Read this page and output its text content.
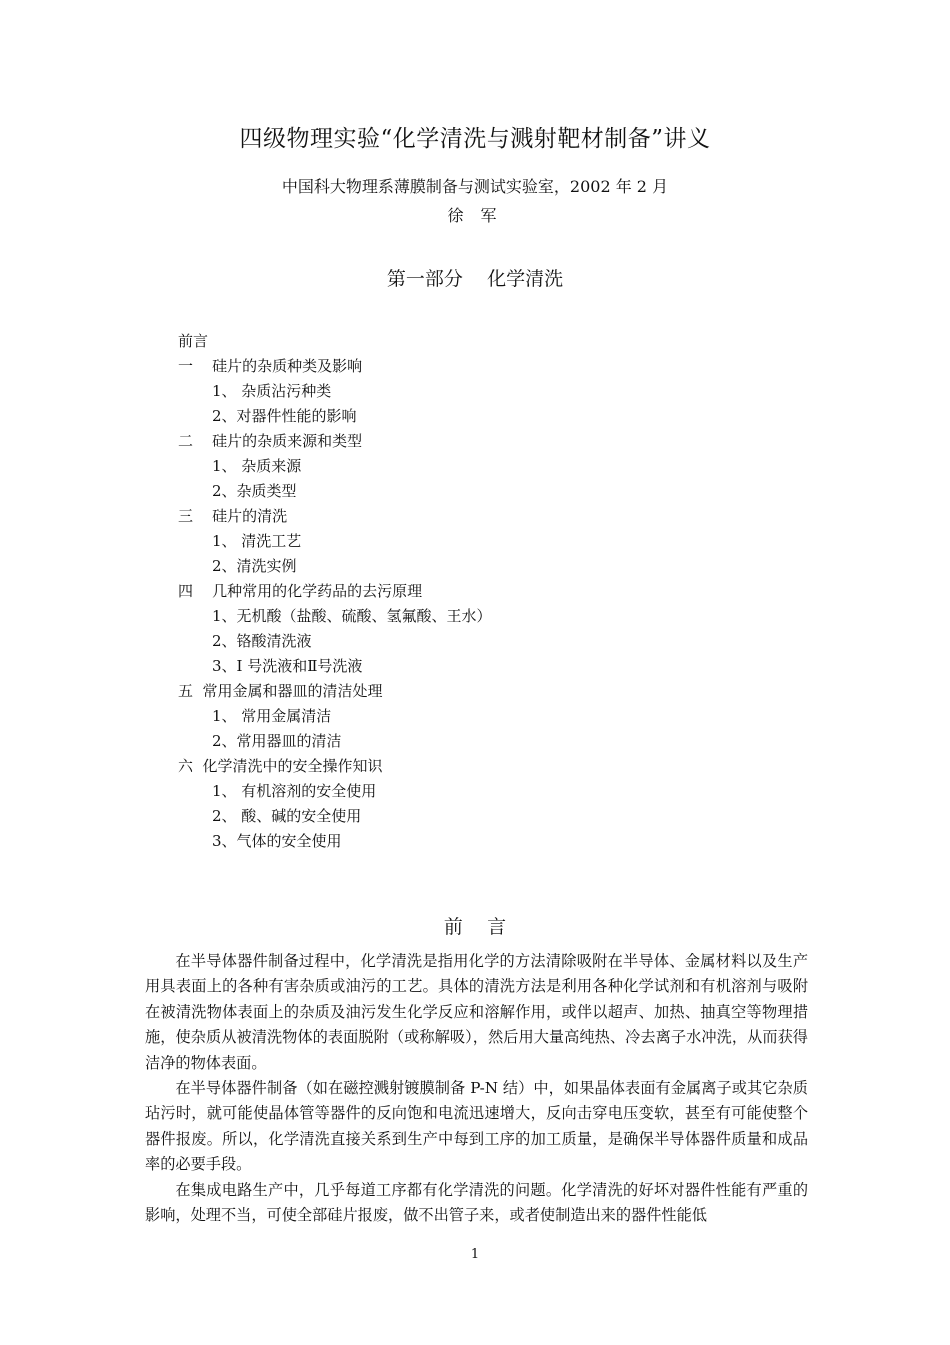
四级物理实验“化学清洗与溅射靶材制备”讲义
中国科大物理系薄膜制备与测试实验室，2002 年 2 月
徐 军
第一部分    化学清洗
前言
一    硅片的杂质种类及影响
1、 杂质沾污种类
2、对器件性能的影响
二    硅片的杂质来源和类型
1、 杂质来源
2、杂质类型
三    硅片的清洗
1、 清洗工艺
2、清洗实例
四    几种常用的化学药品的去污原理
1、无机酸（盐酸、硫酸、氢氟酸、王水）
2、铬酸清洗液
3、I 号洗液和Ⅱ号洗液
五  常用金属和器皿的清洁处理
1、 常用金属清洁
2、常用器皿的清洁
六  化学清洗中的安全操作知识
1、 有机溶剂的安全使用
2、 酸、碱的安全使用
3、气体的安全使用
前    言

在半导体器件制备过程中，化学清洗是指用化学的方法清除吸附在半导体、金属材料以及生产用具表面上的各种有害杂质或油污的工艺。具体的清洗方法是利用各种化学试剂和有机溶剂与吸附在被清洗物体表面上的杂质及油污发生化学反应和溶解作用，或伴以超声、加热、抽真空等物理措施，使杂质从被清洗物体的表面脱附（或称解吸），然后用大量高纯热、冷去离子水冲洗，从而获得洁净的物体表面。

在半导体器件制备（如在磁控溅射镀膜制备 P-N 结）中，如果晶体表面有金属离子或其它杂质玷污时，就可能使晶体管等器件的反向饱和电流迅速增大，反向击穿电压变软，甚至有可能使整个器件报废。所以，化学清洗直接关系到生产中每到工序的加工质量，是确保半导体器件质量和成品率的必要手段。

在集成电路生产中，几乎每道工序都有化学清洗的问题。化学清洗的好坏对器件性能有严重的影响，处理不当，可使全部硅片报废，做不出管子来，或者使制造出来的器件性能低

1
